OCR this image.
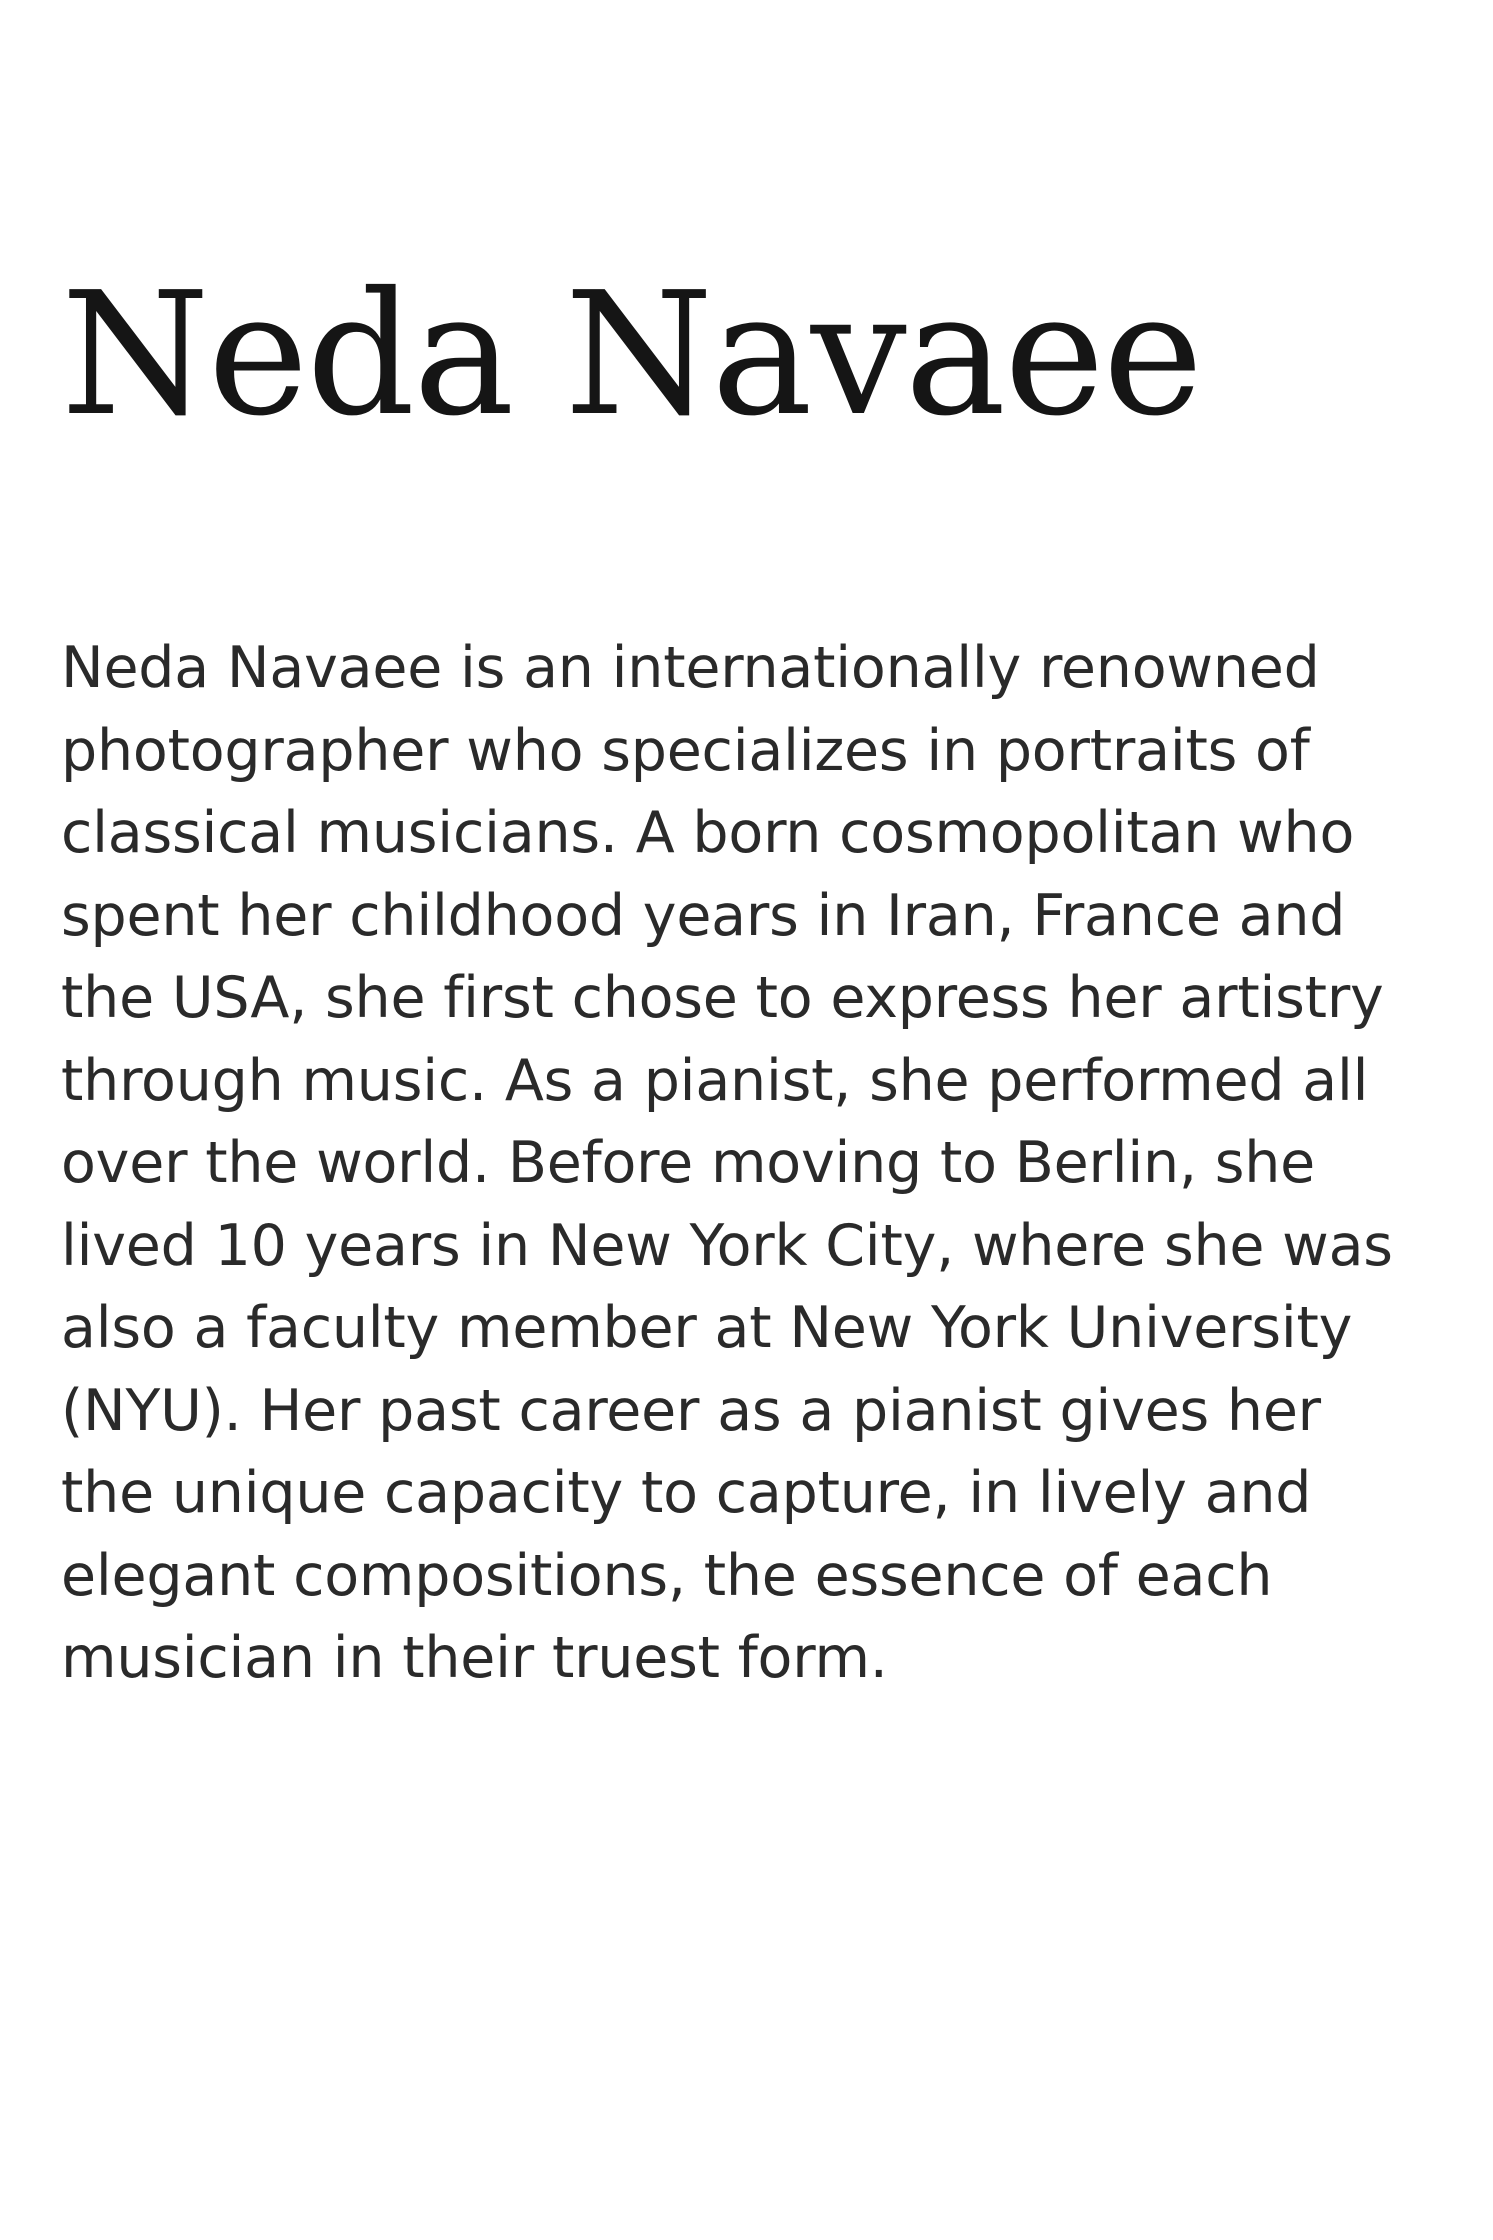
Neda Navaee

Neda Navaee is an internationally renowned
photographer who specializes in portraits of
classical musicians. A born cosmopolitan who
spent her childhood years in Iran, France and
the USA, she first chose to express her artistry
through music. As a pianist, she performed all
over the world. Before moving to Berlin, she
lived 10 years in New York City, where she was
also a faculty member at New York University
(NYU). Her past career as a pianist gives her
the unique capacity to capture, in lively and
elegant compositions, the essence of each
musician in their truest form.
